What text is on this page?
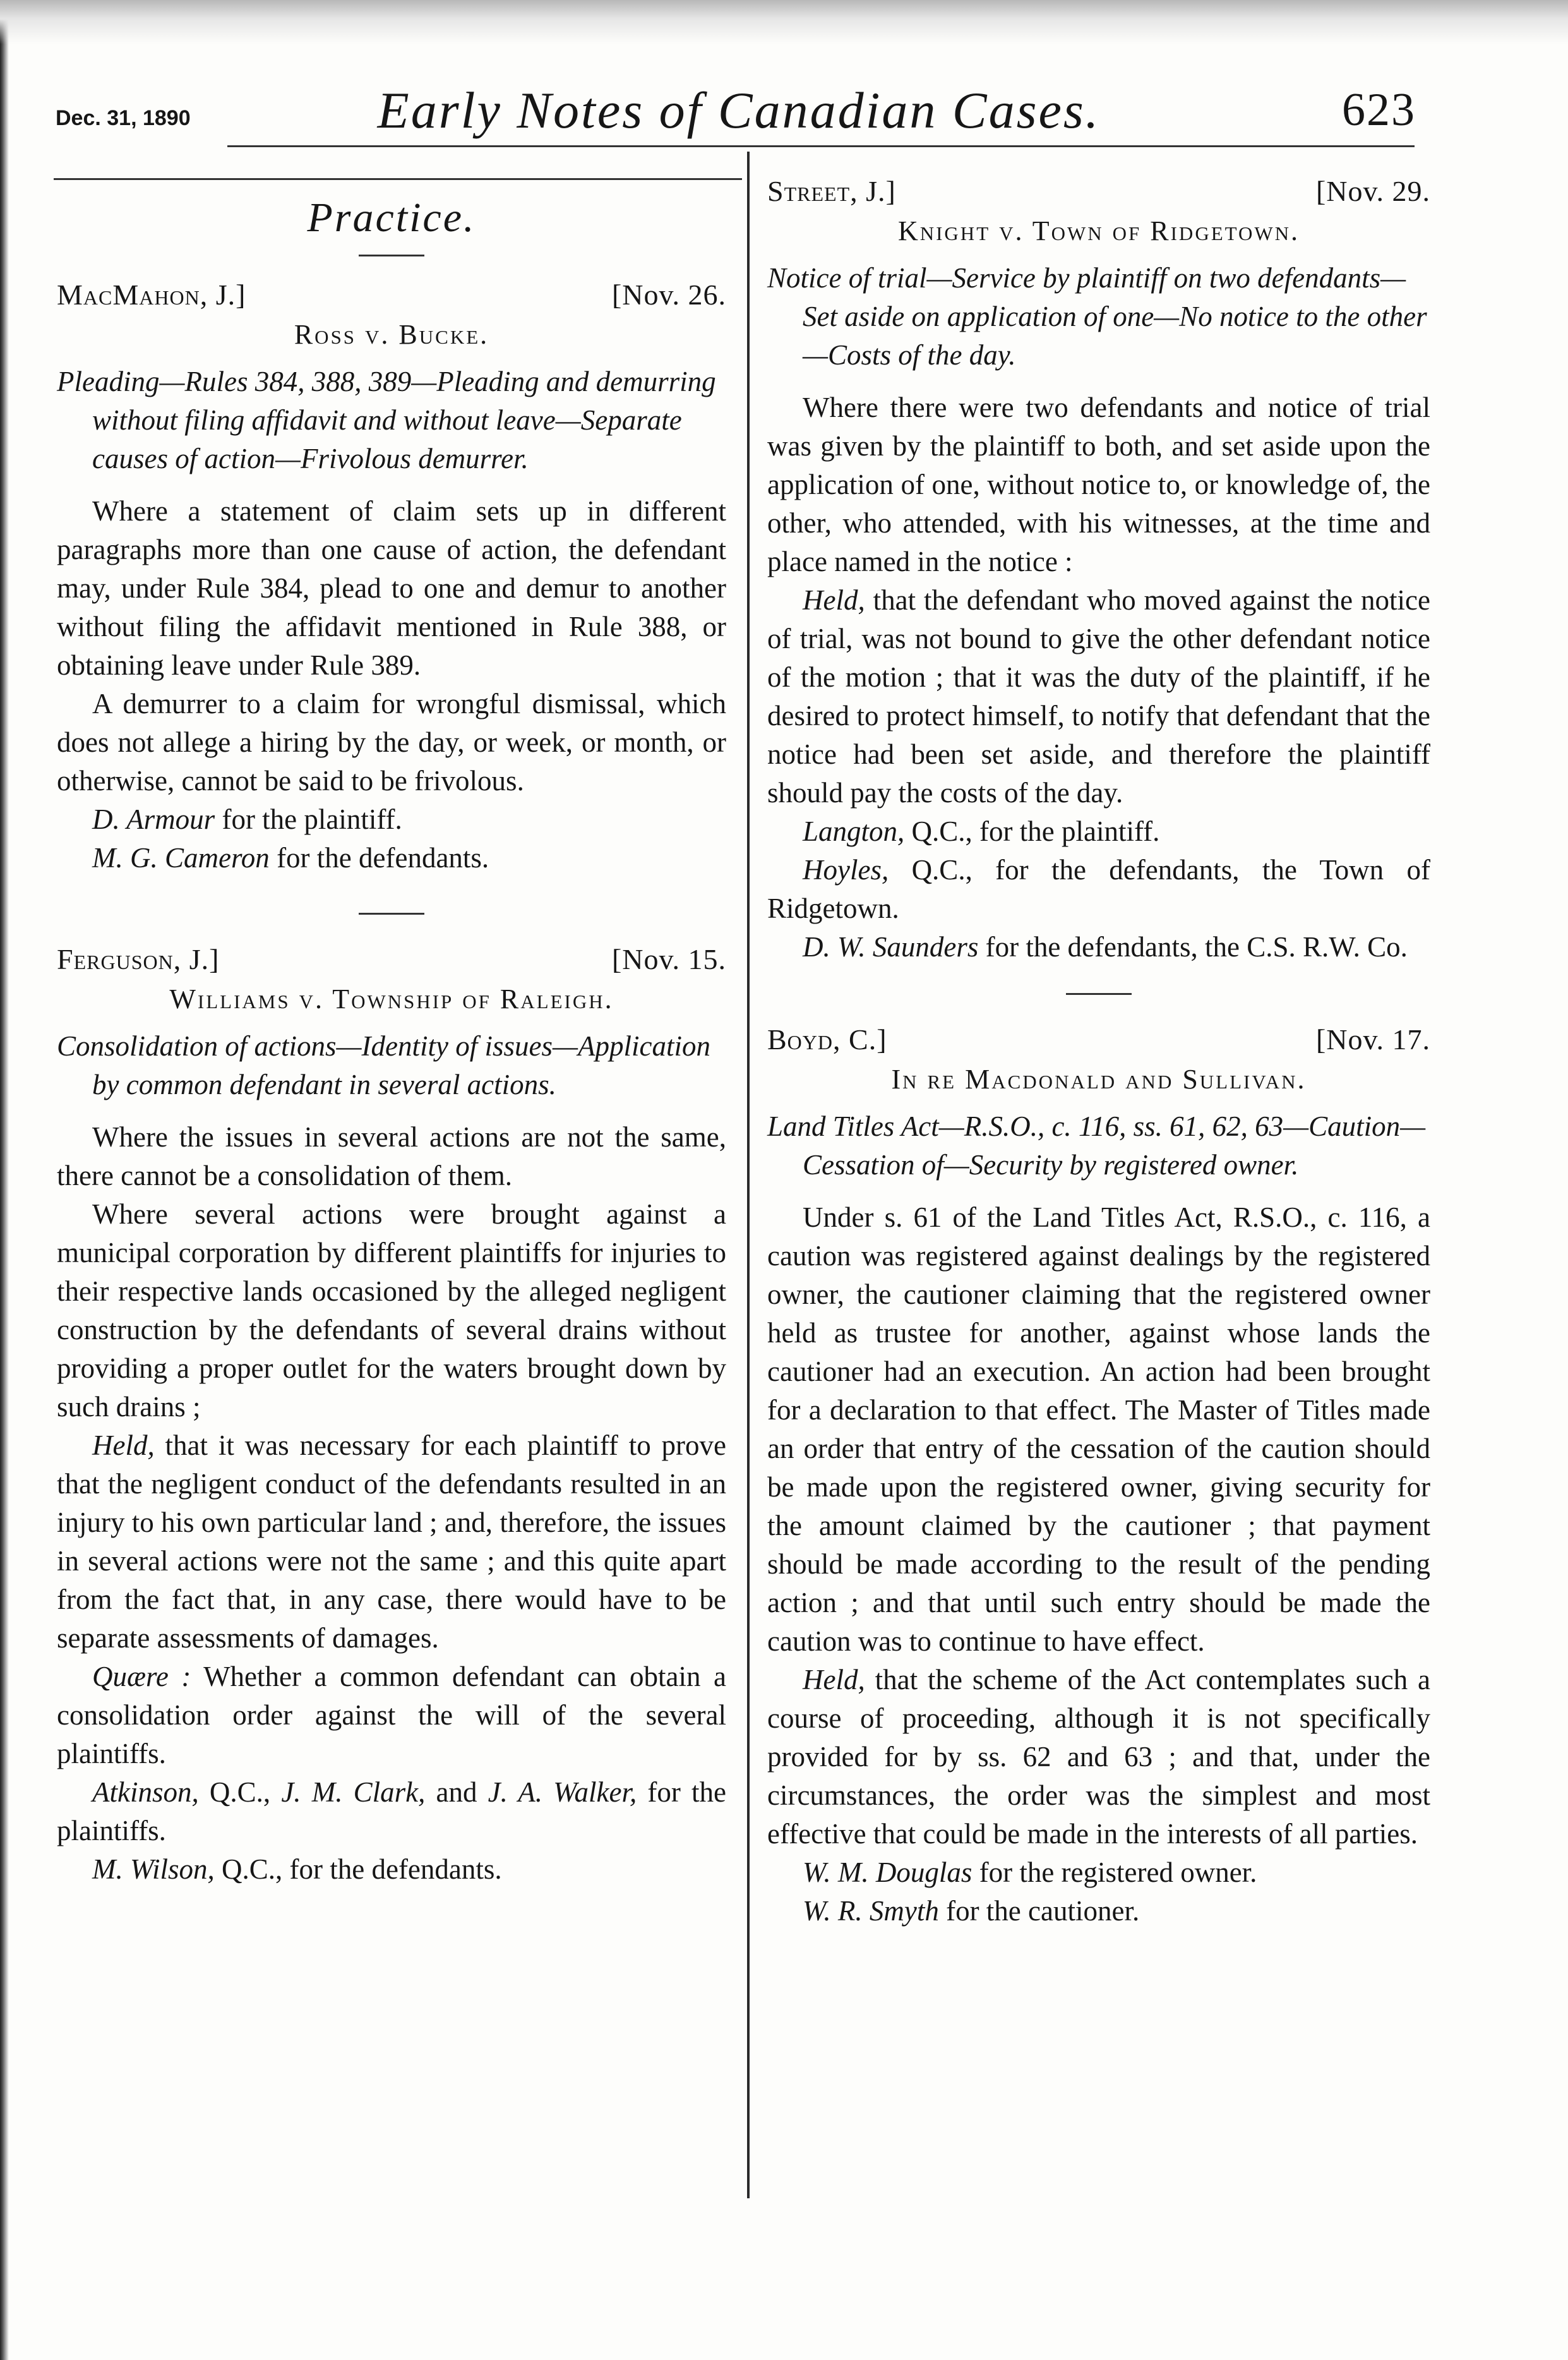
Dec. 31, 1890	Early Notes of Canadian Cases.	623
Practice.
MacMahon, J.]	[Nov. 26.
Ross v. Bucke.
Pleading—Rules 384, 388, 389—Pleading and demurring without filing affidavit and without leave—Separate causes of action—Frivolous demurrer.

Where a statement of claim sets up in different paragraphs more than one cause of action, the defendant may, under Rule 384, plead to one and demur to another without filing the affidavit mentioned in Rule 388, or obtaining leave under Rule 389.

A demurrer to a claim for wrongful dismissal, which does not allege a hiring by the day, or week, or month, or otherwise, cannot be said to be frivolous.

D. Armour for the plaintiff.

M. G. Cameron for the defendants.

Ferguson, J.]	[Nov. 15.
Williams v. Township of Raleigh.
Consolidation of actions—Identity of issues—Application by common defendant in several actions.

Where the issues in several actions are not the same, there cannot be a consolidation of them.

Where several actions were brought against a municipal corporation by different plaintiffs for injuries to their respective lands occasioned by the alleged negligent construction by the defendants of several drains without providing a proper outlet for the waters brought down by such drains ;

Held, that it was necessary for each plaintiff to prove that the negligent conduct of the defendants resulted in an injury to his own particular land ; and, therefore, the issues in several actions were not the same ; and this quite apart from the fact that, in any case, there would have to be separate assessments of damages.

Quære : Whether a common defendant can obtain a consolidation order against the will of the several plaintiffs.

Atkinson, Q.C., J. M. Clark, and J. A. Walker, for the plaintiffs.

M. Wilson, Q.C., for the defendants.

Street, J.]	[Nov. 29.
Knight v. Town of Ridgetown.
Notice of trial—Service by plaintiff on two defendants—Set aside on application of one—No notice to the other—Costs of the day.

Where there were two defendants and notice of trial was given by the plaintiff to both, and set aside upon the application of one, without notice to, or knowledge of, the other, who attended, with his witnesses, at the time and place named in the notice :

Held, that the defendant who moved against the notice of trial, was not bound to give the other defendant notice of the motion ; that it was the duty of the plaintiff, if he desired to protect himself, to notify that defendant that the notice had been set aside, and therefore the plaintiff should pay the costs of the day.

Langton, Q.C., for the plaintiff.

Hoyles, Q.C., for the defendants, the Town of Ridgetown.

D. W. Saunders for the defendants, the C.S. R.W. Co.

Boyd, C.]	[Nov. 17.
In re Macdonald and Sullivan.
Land Titles Act—R.S.O., c. 116, ss. 61, 62, 63—Caution—Cessation of—Security by registered owner.

Under s. 61 of the Land Titles Act, R.S.O., c. 116, a caution was registered against dealings by the registered owner, the cautioner claiming that the registered owner held as trustee for another, against whose lands the cautioner had an execution. An action had been brought for a declaration to that effect. The Master of Titles made an order that entry of the cessation of the caution should be made upon the registered owner, giving security for the amount claimed by the cautioner ; that payment should be made according to the result of the pending action ; and that until such entry should be made the caution was to continue to have effect.

Held, that the scheme of the Act contemplates such a course of proceeding, although it is not specifically provided for by ss. 62 and 63 ; and that, under the circumstances, the order was the simplest and most effective that could be made in the interests of all parties.

W. M. Douglas for the registered owner.

W. R. Smyth for the cautioner.
